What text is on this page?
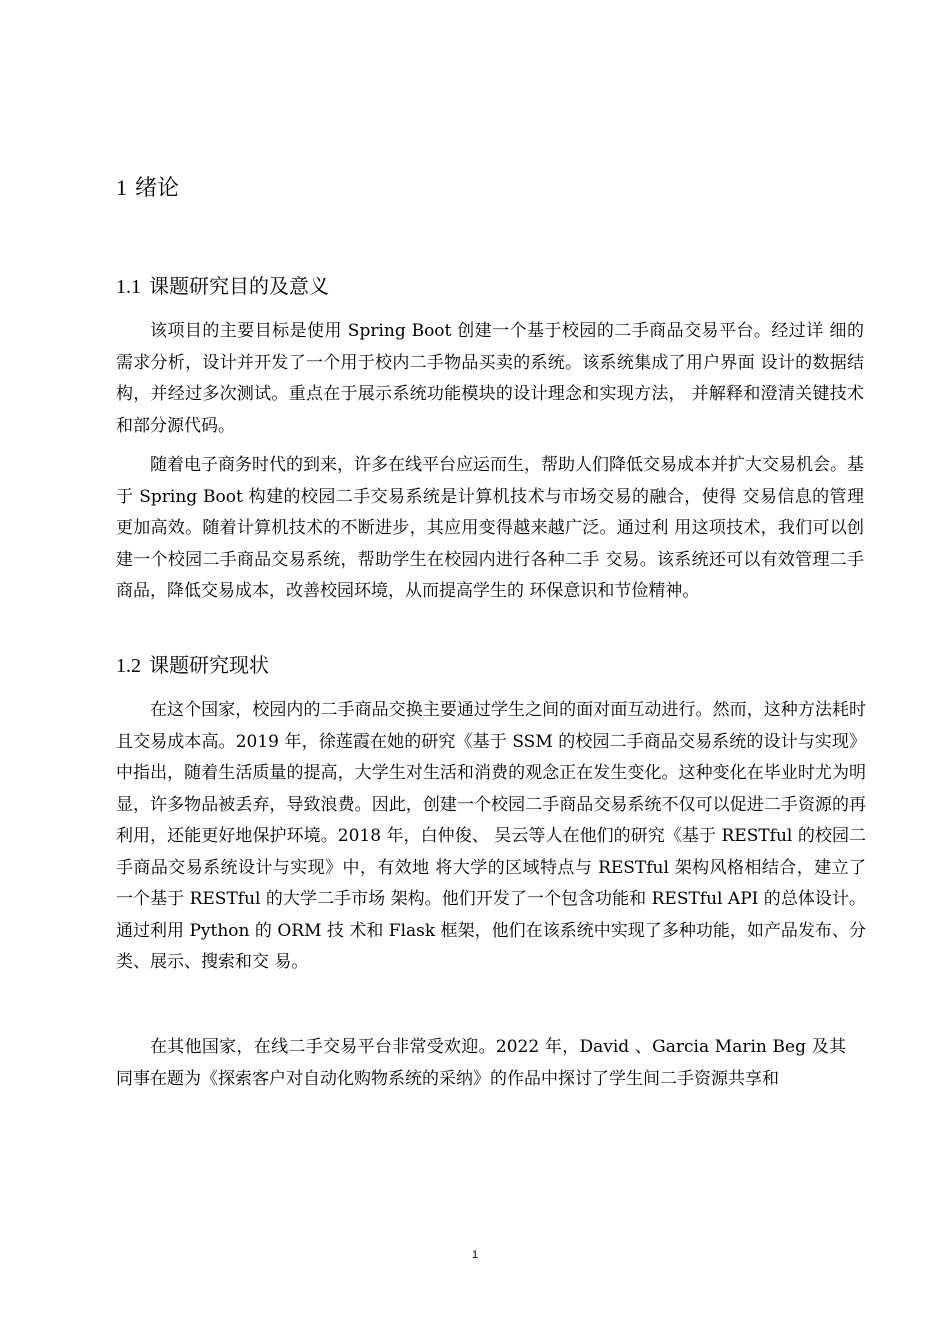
1 绪论
1.1 课题研究目的及意义

该项目的主要目标是使用 Spring Boot 创建一个基于校园的二手商品交易平台。经过详 细的需求分析，设计并开发了一个用于校内二手物品买卖的系统。该系统集成了用户界面 设计的数据结构，并经过多次测试。重点在于展示系统功能模块的设计理念和实现方法， 并解释和澄清关键技术和部分源代码。

随着电子商务时代的到来，许多在线平台应运而生，帮助人们降低交易成本并扩大交易机会。基于 Spring Boot 构建的校园二手交易系统是计算机技术与市场交易的融合，使得 交易信息的管理更加高效。随着计算机技术的不断进步，其应用变得越来越广泛。通过利 用这项技术，我们可以创建一个校园二手商品交易系统，帮助学生在校园内进行各种二手 交易。该系统还可以有效管理二手商品，降低交易成本，改善校园环境，从而提高学生的 环保意识和节俭精神。

1.2 课题研究现状

在这个国家，校园内的二手商品交换主要通过学生之间的面对面互动进行。然而，这种方法耗时且交易成本高。2019 年，徐莲霞在她的研究《基于 SSM 的校园二手商品交易系统的设计与实现》中指出，随着生活质量的提高，大学生对生活和消费的观念正在发生变化。这种变化在毕业时尤为明显，许多物品被丢弃，导致浪费。因此，创建一个校园二手商品交易系统不仅可以促进二手资源的再利用，还能更好地保护环境。2018 年，白仲俊、 吴云等人在他们的研究《基于 RESTful 的校园二手商品交易系统设计与实现》中，有效地 将大学的区域特点与 RESTful 架构风格相结合，建立了一个基于 RESTful 的大学二手市场 架构。他们开发了一个包含功能和 RESTful API 的总体设计。通过利用 Python 的 ORM 技 术和 Flask 框架，他们在该系统中实现了多种功能，如产品发布、分类、展示、搜索和交 易。

在其他国家，在线二手交易平台非常受欢迎。2022 年，David 、Garcia Marin Beg 及其 同事在题为《探索客户对自动化购物系统的采纳》的作品中探讨了学生间二手资源共享和

1
